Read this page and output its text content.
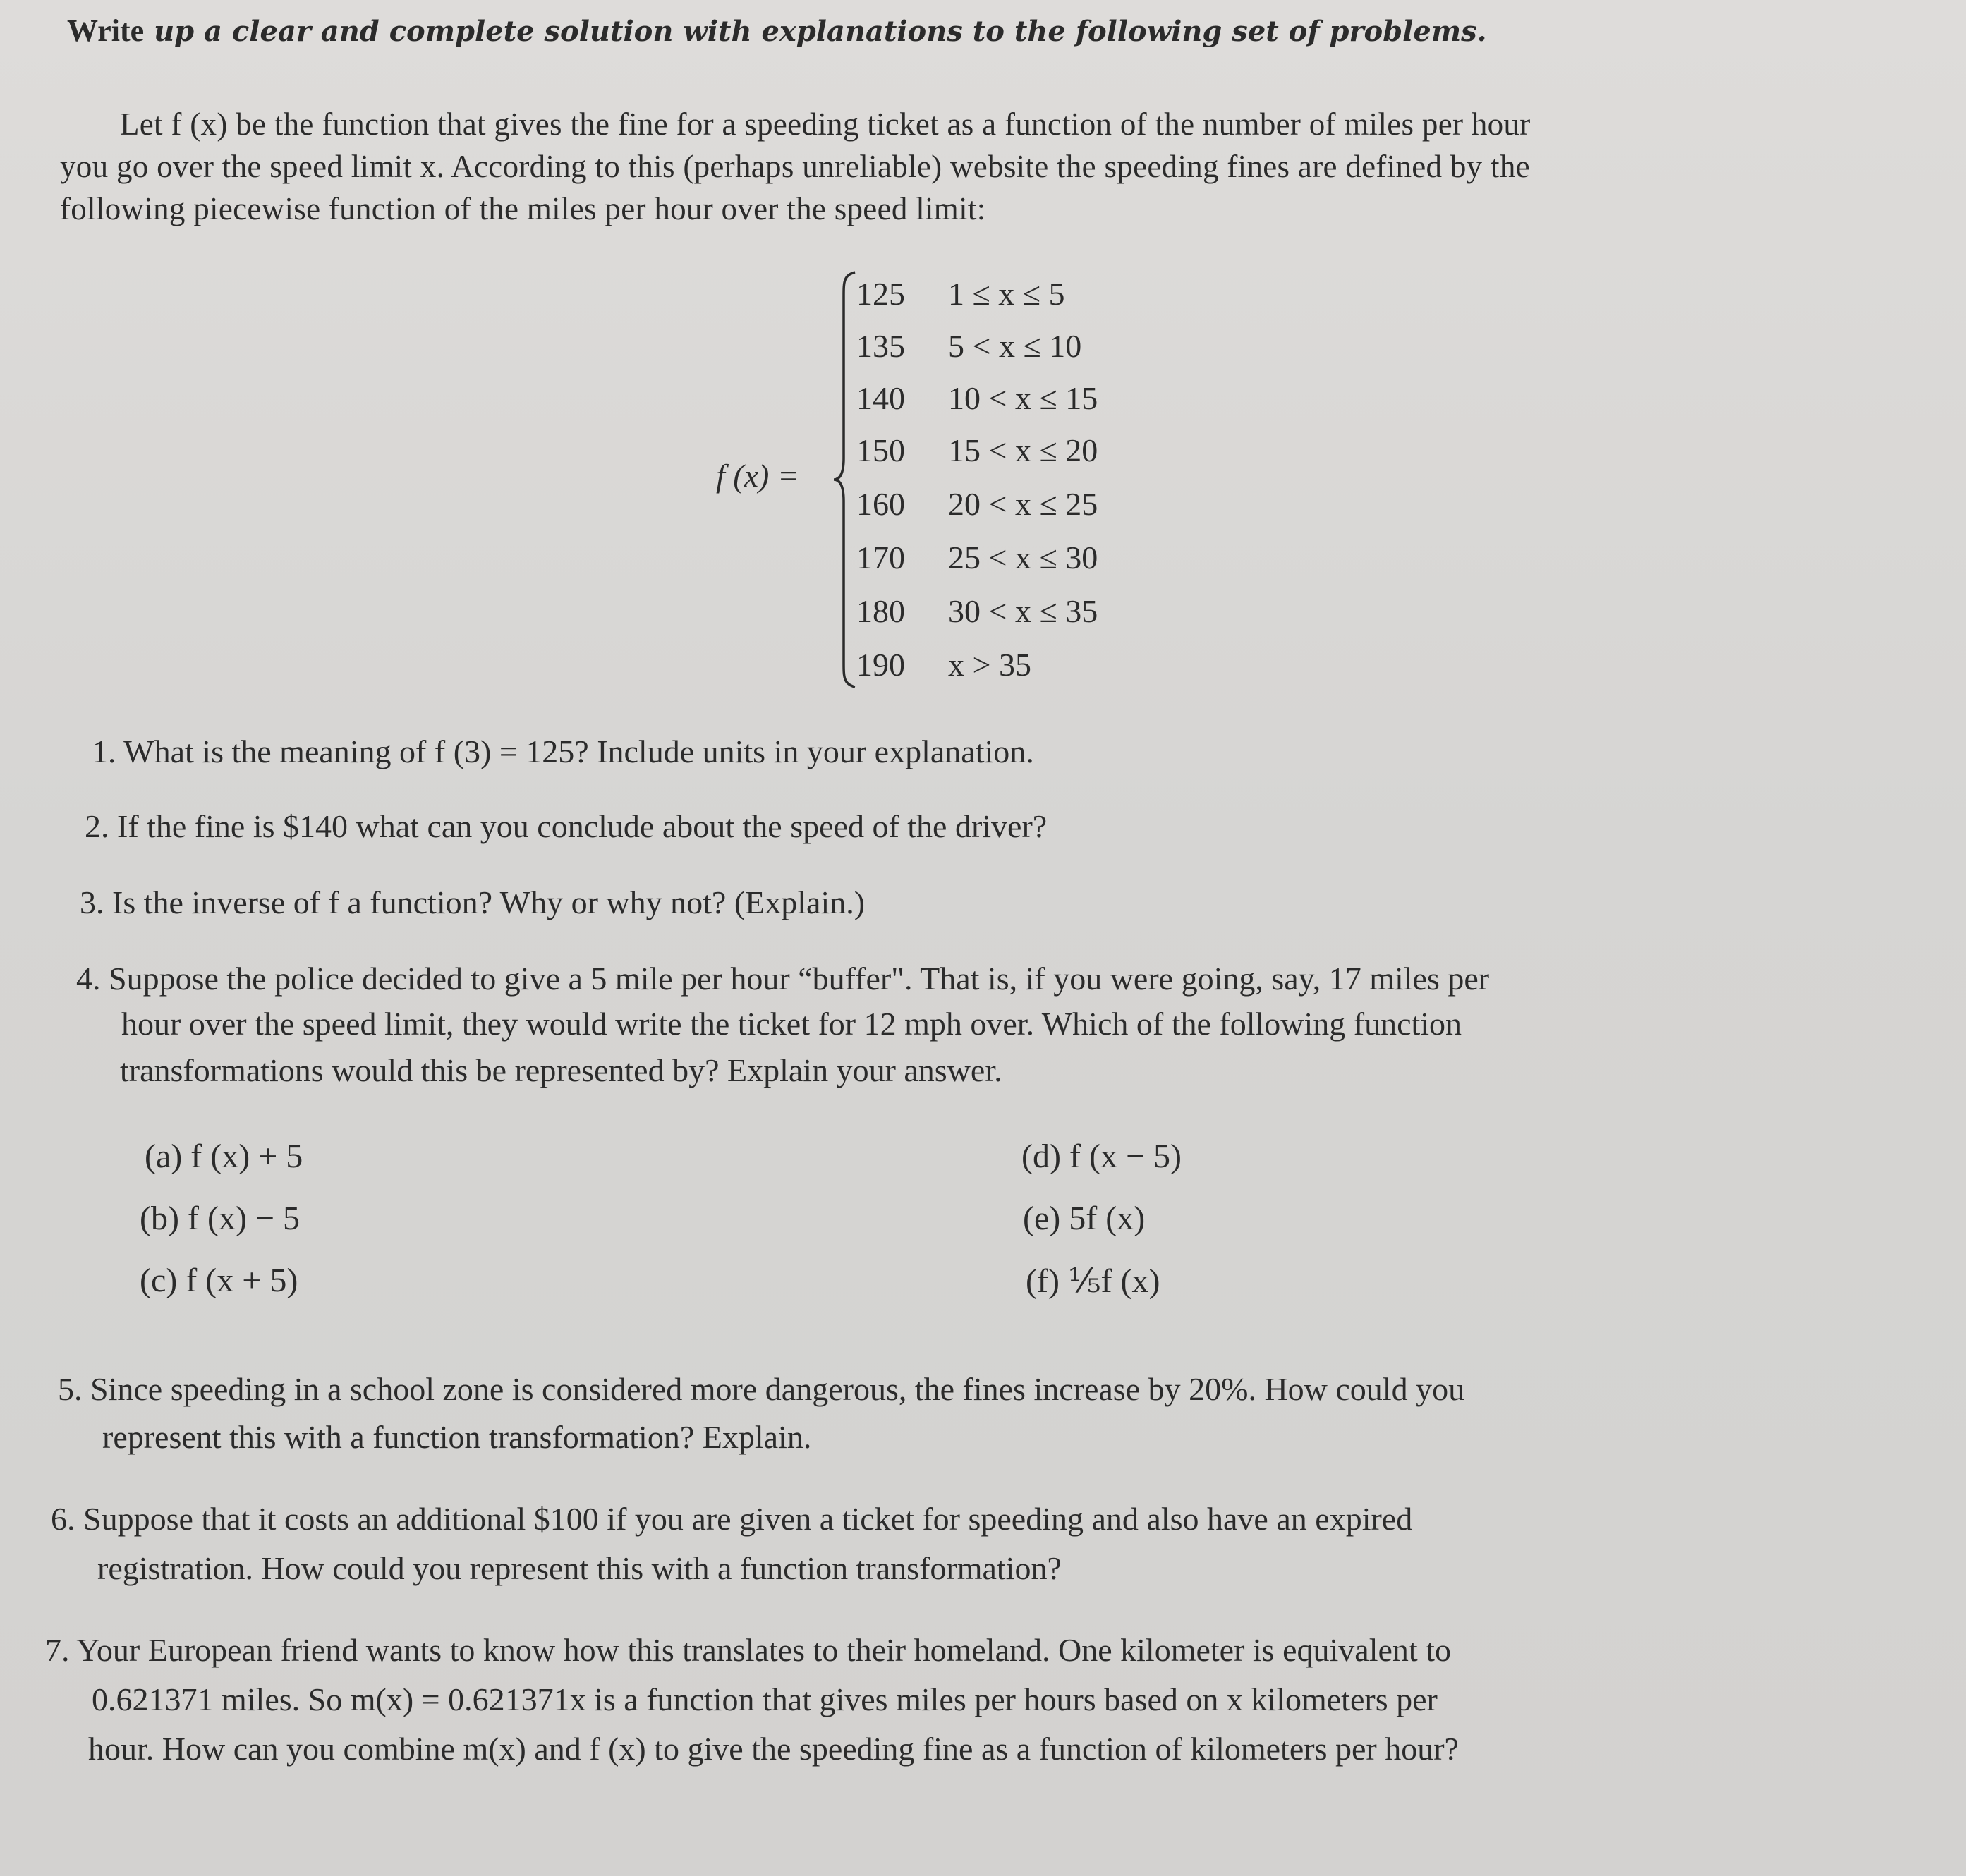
Write up a clear and complete solution with explanations to the following set of problems.
Let f (x) be the function that gives the fine for a speeding ticket as a function of the number of miles per hour
you go over the speed limit x. According to this (perhaps unreliable) website the speeding fines are defined by the
following piecewise function of the miles per hour over the speed limit:
f (x) =
125 1 ≤ x ≤ 5
135 5 < x ≤ 10
140 10 < x ≤ 15
150 15 < x ≤ 20
160 20 < x ≤ 25
170 25 < x ≤ 30
180 30 < x ≤ 35
190 x > 35
1. What is the meaning of f (3) = 125? Include units in your explanation.
2. If the fine is $140 what can you conclude about the speed of the driver?
3. Is the inverse of f a function? Why or why not? (Explain.)
4. Suppose the police decided to give a 5 mile per hour “buffer". That is, if you were going, say, 17 miles per
hour over the speed limit, they would write the ticket for 12 mph over. Which of the following function
transformations would this be represented by? Explain your answer.
(a) f (x) + 5
(b) f (x) − 5
(c) f (x + 5)
(d) f (x − 5)
(e) 5f (x)
(f) ⅕f (x)
5. Since speeding in a school zone is considered more dangerous, the fines increase by 20%. How could you
represent this with a function transformation? Explain.
6. Suppose that it costs an additional $100 if you are given a ticket for speeding and also have an expired
registration. How could you represent this with a function transformation?
7. Your European friend wants to know how this translates to their homeland. One kilometer is equivalent to
0.621371 miles. So m(x) = 0.621371x is a function that gives miles per hours based on x kilometers per
hour. How can you combine m(x) and f (x) to give the speeding fine as a function of kilometers per hour?
